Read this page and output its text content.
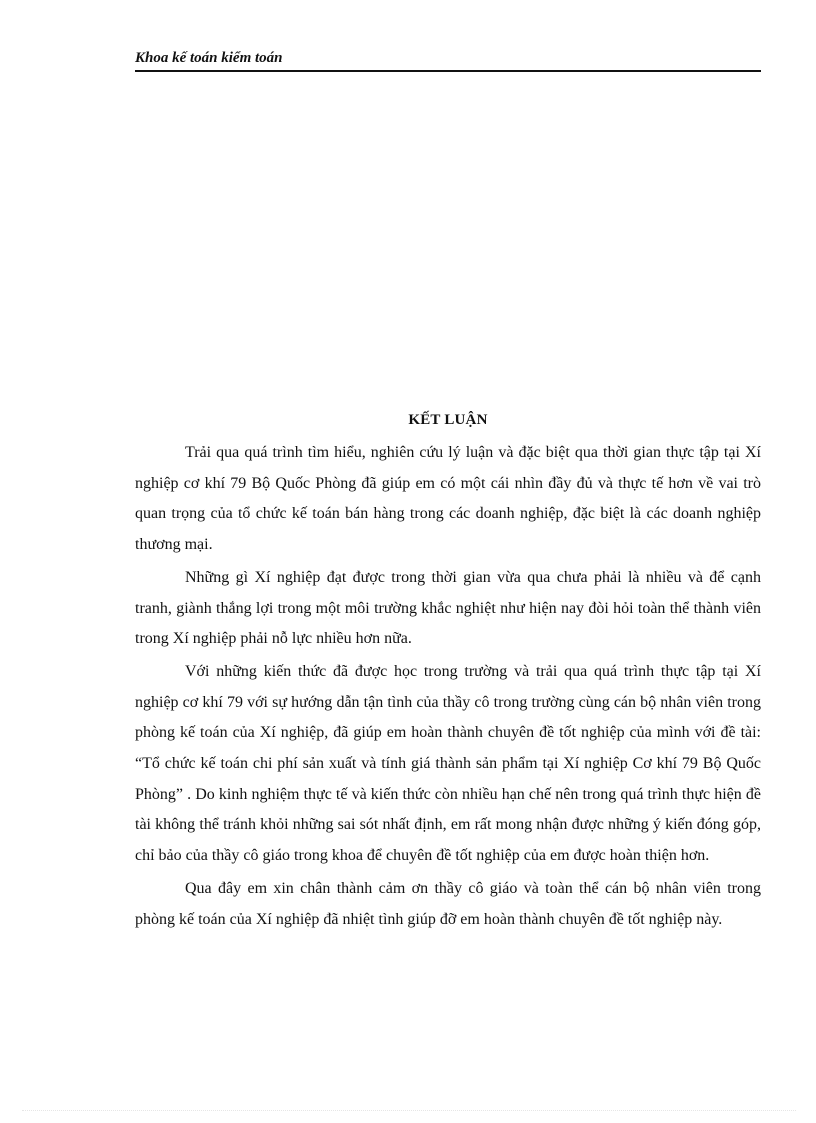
Khoa kế toán kiểm toán
KẾT LUẬN

Trải qua quá trình tìm hiểu, nghiên cứu lý luận và đặc biệt qua thời gian thực tập tại Xí nghiệp cơ khí 79 Bộ Quốc Phòng đã giúp em có một cái nhìn đầy đủ và thực tế hơn về vai trò quan trọng của tổ chức kế toán bán hàng trong các doanh nghiệp, đặc biệt là các doanh nghiệp thương mại.

Những gì Xí nghiệp đạt được trong thời gian vừa qua chưa phải là nhiều và để cạnh tranh, giành thắng lợi trong một môi trường khắc nghiệt như hiện nay đòi hỏi toàn thể thành viên trong Xí nghiệp phải nỗ lực nhiều hơn nữa.

Với những kiến thức đã được học trong trường và trải qua quá trình thực tập tại Xí nghiệp cơ khí 79 với sự hướng dẫn tận tình của thầy cô trong trường cùng cán bộ nhân viên trong phòng kế toán của Xí nghiệp, đã giúp em hoàn thành chuyên đề tốt nghiệp của mình với đề tài: “Tổ chức kế toán chi phí sản xuất và tính giá thành sản phẩm tại Xí nghiệp Cơ khí 79 Bộ Quốc Phòng” . Do kinh nghiệm thực tế và kiến thức còn nhiều hạn chế nên trong quá trình thực hiện đề tài không thể tránh khỏi những sai sót nhất định, em rất mong nhận được những ý kiến đóng góp, chỉ bảo của thầy cô giáo trong khoa để chuyên đề tốt nghiệp của em được hoàn thiện hơn.

Qua đây em xin chân thành cảm ơn thầy cô giáo và toàn thể cán bộ nhân viên trong phòng kế toán của Xí nghiệp đã nhiệt tình giúp đỡ em hoàn thành chuyên đề tốt nghiệp này.
